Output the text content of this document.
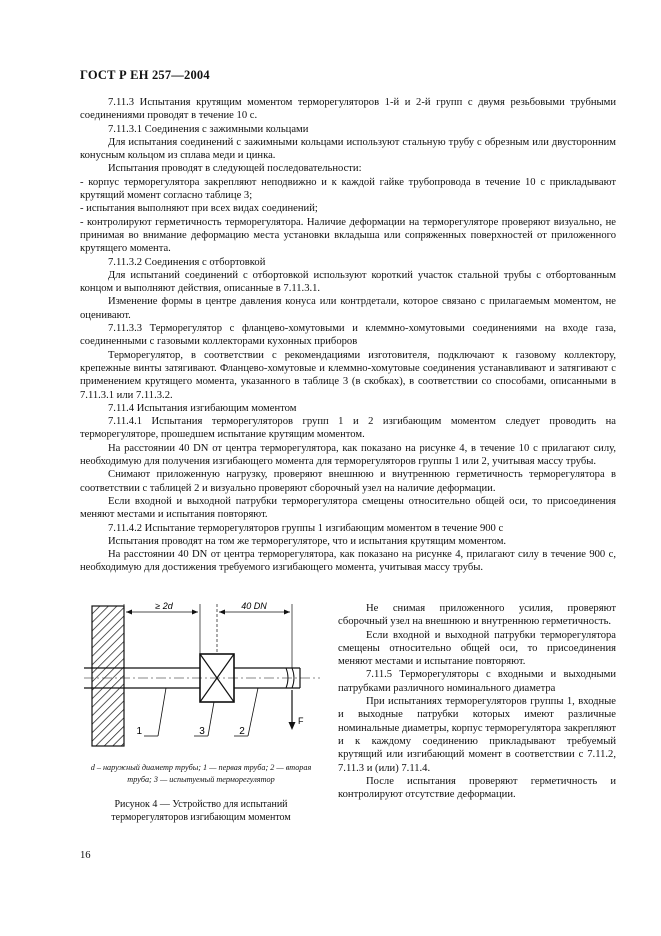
ГОСТ Р ЕН 257—2004

7.11.3 Испытания крутящим моментом терморегуляторов 1-й и 2-й групп с двумя резьбовыми трубными соединениями проводят в течение 10 с.

7.11.3.1 Соединения с зажимными кольцами

Для испытания соединений с зажимными кольцами используют стальную трубу с обрезным или двусторонним конусным кольцом из сплава меди и цинка.

Испытания проводят в следующей последовательности:

- корпус терморегулятора закрепляют неподвижно и к каждой гайке трубопровода в течение 10 с прикладывают крутящий момент согласно таблице 3;

- испытания выполняют при всех видах соединений;

- контролируют герметичность терморегулятора. Наличие деформации на терморегуляторе проверяют визуально, не принимая во внимание деформацию места установки вкладыша или сопряженных поверхностей от приложенного крутящего момента.

7.11.3.2 Соединения с отбортовкой

Для испытаний соединений с отбортовкой используют короткий участок стальной трубы с отбортованным концом и выполняют действия, описанные в 7.11.3.1.

Изменение формы в центре давления конуса или контрдетали, которое связано с прилагаемым моментом, не оценивают.

7.11.3.3 Терморегулятор с фланцево-хомутовыми и клеммно-хомутовыми соединениями на входе газа, соединенными с газовыми коллекторами кухонных приборов

Терморегулятор, в соответствии с рекомендациями изготовителя, подключают к газовому коллектору, крепежные винты затягивают. Фланцево-хомутовые и клеммно-хомутовые соединения устанавливают и затягивают с применением крутящего момента, указанного в таблице 3 (в скобках), в соответствии со способами, описанными в 7.11.3.1 или 7.11.3.2.

7.11.4 Испытания изгибающим моментом

7.11.4.1 Испытания терморегуляторов групп 1 и 2 изгибающим моментом следует проводить на терморегуляторе, прошедшем испытание крутящим моментом.

На расстоянии 40 DN от центра терморегулятора, как показано на рисунке 4, в течение 10 с прилагают силу, необходимую для получения изгибающего момента для терморегуляторов группы 1 или 2, учитывая массу трубы.

Снимают приложенную нагрузку, проверяют внешнюю и внутреннюю герметичность терморегулятора в соответствии с таблицей 2 и визуально проверяют сборочный узел на наличие деформации.

Если входной и выходной патрубки терморегулятора смещены относительно общей оси, то присоединения меняют местами и испытания повторяют.

7.11.4.2 Испытание терморегуляторов группы 1 изгибающим моментом в течение 900 с

Испытания проводят на том же терморегуляторе, что и испытания крутящим моментом.

На расстоянии 40 DN от центра терморегулятора, как показано на рисунке 4, прилагают силу в течение 900 с, необходимую для достижения требуемого изгибающего момента, учитывая массу трубы.

≥ 2d	40 DN
F
1	3	2
d – наружный диаметр трубы; 1 — первая труба; 2 — вторая труба; 3 — испытуемый терморегулятор
Рисунок 4 — Устройство для испытаний терморегуляторов изгибающим моментом

Не снимая приложенного усилия, проверяют сборочный узел на внешнюю и внутреннюю герметичность.

Если входной и выходной патрубки терморегулятора смещены относительно общей оси, то присоединения меняют местами и испытание повторяют.

7.11.5 Терморегуляторы с входными и выходными патрубками различного номинального диаметра

При испытаниях терморегуляторов группы 1, входные и выходные патрубки которых имеют различные номинальные диаметры, корпус терморегулятора закрепляют и к каждому соединению прикладывают требуемый крутящий или изгибающий момент в соответствии с 7.11.2, 7.11.3 и (или) 7.11.4.

После испытания проверяют герметичность и контролируют отсутствие деформации.

16
